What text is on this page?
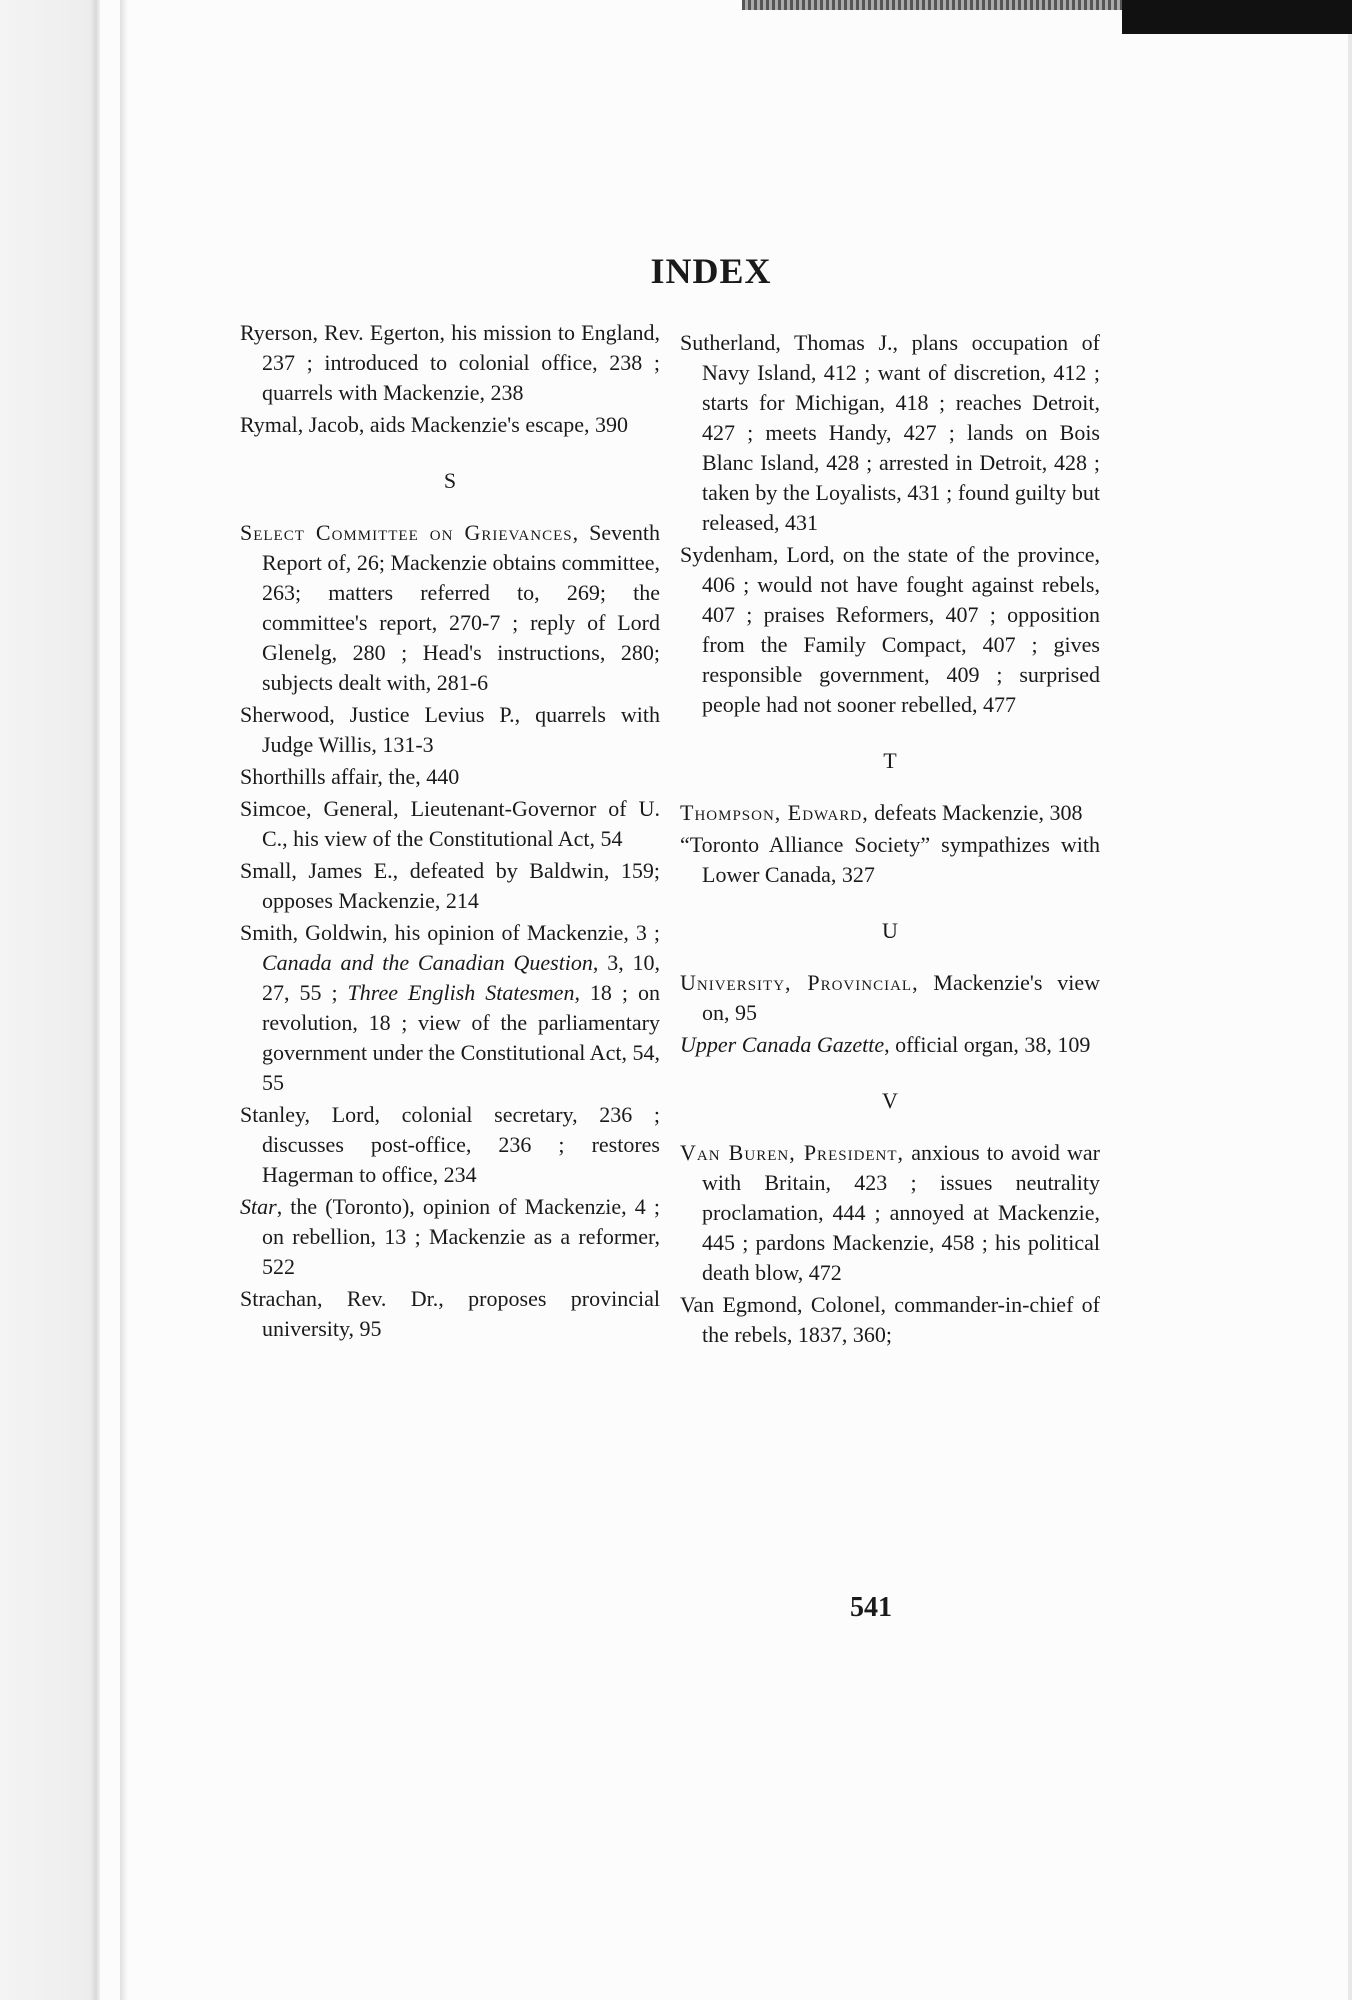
INDEX

Ryerson, Rev. Egerton, his mission to England, 237 ; introduced to colonial office, 238 ; quarrels with Mackenzie, 238

Rymal, Jacob, aids Mackenzie's escape, 390

S

Select Committee on Grievances, Seventh Report of, 26; Mackenzie obtains committee, 263; matters referred to, 269; the committee's report, 270-7 ; reply of Lord Glenelg, 280 ; Head's instructions, 280; subjects dealt with, 281-6

Sherwood, Justice Levius P., quarrels with Judge Willis, 131-3

Shorthills affair, the, 440

Simcoe, General, Lieutenant-Governor of U. C., his view of the Constitutional Act, 54

Small, James E., defeated by Baldwin, 159; opposes Mackenzie, 214

Smith, Goldwin, his opinion of Mackenzie, 3 ; Canada and the Canadian Question, 3, 10, 27, 55 ; Three English Statesmen, 18 ; on revolution, 18 ; view of the parliamentary government under the Constitutional Act, 54, 55

Stanley, Lord, colonial secretary, 236 ; discusses post-office, 236 ; restores Hagerman to office, 234

Star, the (Toronto), opinion of Mackenzie, 4 ; on rebellion, 13 ; Mackenzie as a reformer, 522

Strachan, Rev. Dr., proposes provincial university, 95

Sutherland, Thomas J., plans occupation of Navy Island, 412 ; want of discretion, 412 ; starts for Michigan, 418 ; reaches Detroit, 427 ; meets Handy, 427 ; lands on Bois Blanc Island, 428 ; arrested in Detroit, 428 ; taken by the Loyalists, 431 ; found guilty but released, 431

Sydenham, Lord, on the state of the province, 406 ; would not have fought against rebels, 407 ; praises Reformers, 407 ; opposition from the Family Compact, 407 ; gives responsible government, 409 ; surprised people had not sooner rebelled, 477

T

Thompson, Edward, defeats Mackenzie, 308

“Toronto Alliance Society” sympathizes with Lower Canada, 327

U

University, Provincial, Mackenzie's view on, 95

Upper Canada Gazette, official organ, 38, 109

V

Van Buren, President, anxious to avoid war with Britain, 423 ; issues neutrality proclamation, 444 ; annoyed at Mackenzie, 445 ; pardons Mackenzie, 458 ; his political death blow, 472

Van Egmond, Colonel, commander-in-chief of the rebels, 1837, 360;

541
